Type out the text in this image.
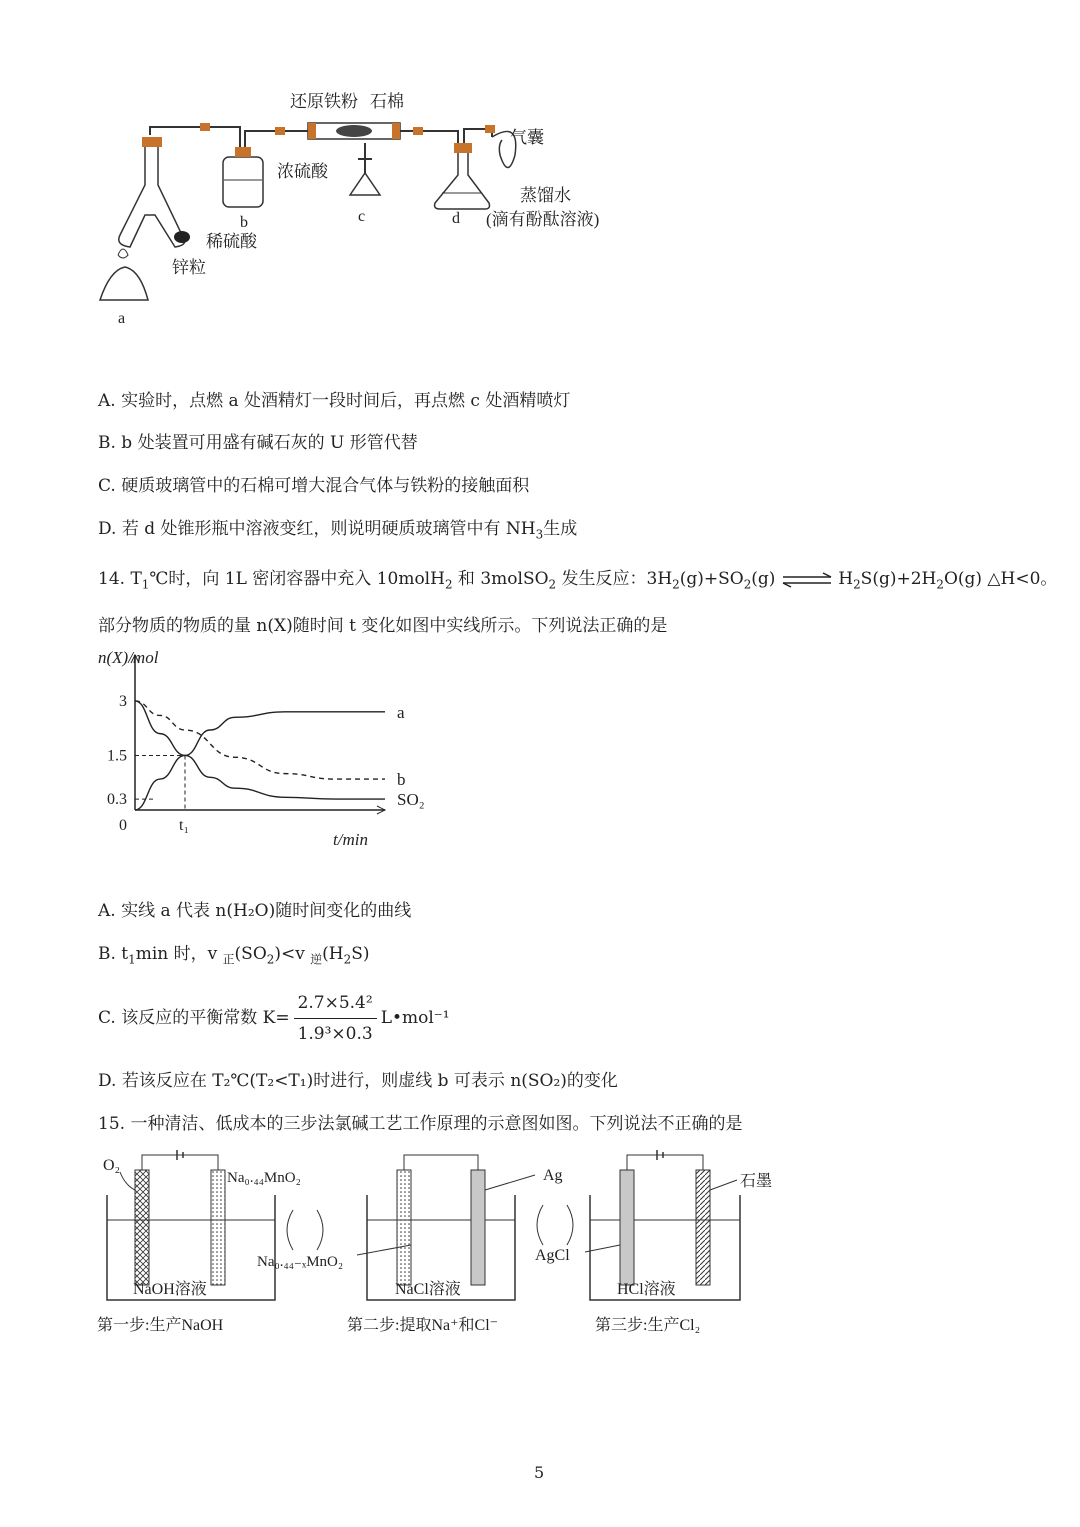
还原铁粉 石棉
气囊
浓硫酸
蒸馏水
(滴有酚酞溶液)
稀硫酸
锌粒
a
b	c	d
A. 实验时，点燃 a 处酒精灯一段时间后，再点燃 c 处酒精喷灯
B. b 处装置可用盛有碱石灰的 U 形管代替
C. 硬质玻璃管中的石棉可增大混合气体与铁粉的接触面积
D. 若 d 处锥形瓶中溶液变红，则说明硬质玻璃管中有 $NH_3$生成
14. $T_1℃$时，向 1L 密闭容器中充入 10molH$_2$ 和 3molSO$_2$ 发生反应：$3H_2(g)+SO_2(g)$ ⇌ $H_2S(g)+2H_2O(g)$ △H<0。
部分物质的物质的量 n(X)随时间 t 变化如图中实线所示。下列说法正确的是
3
1.5
0.3
0	t₁
a
b
SO₂
n(X)/mol
t/min
A. 实线 a 代表 n(H₂O)随时间变化的曲线
B. $t_1\min$ 时，v $_正(SO_2)<v$ $_逆(H_2S)$
C. 该反应的平衡常数 $K= \frac{\text{2.7×5.4²}}{\text{1.9³×0.3}}$ L•mol⁻¹
D. 若该反应在 T₂℃(T₂<T₁)时进行，则虚线 b 可表示 n(SO₂)的变化
15. 一种清洁、低成本的三步法氯碱工艺工作原理的示意图如图。下列说法不正确的是
O₂
Na₀.₄₄MnO₂
Na₀.₄₄₋ₓMnO₂
NaOH溶液	NaCl溶液	HCl溶液
Ag
AgCl
石墨
第一步:生产NaOH	第二步:提取Na⁺和Cl⁻	第三步:生产Cl₂
5
